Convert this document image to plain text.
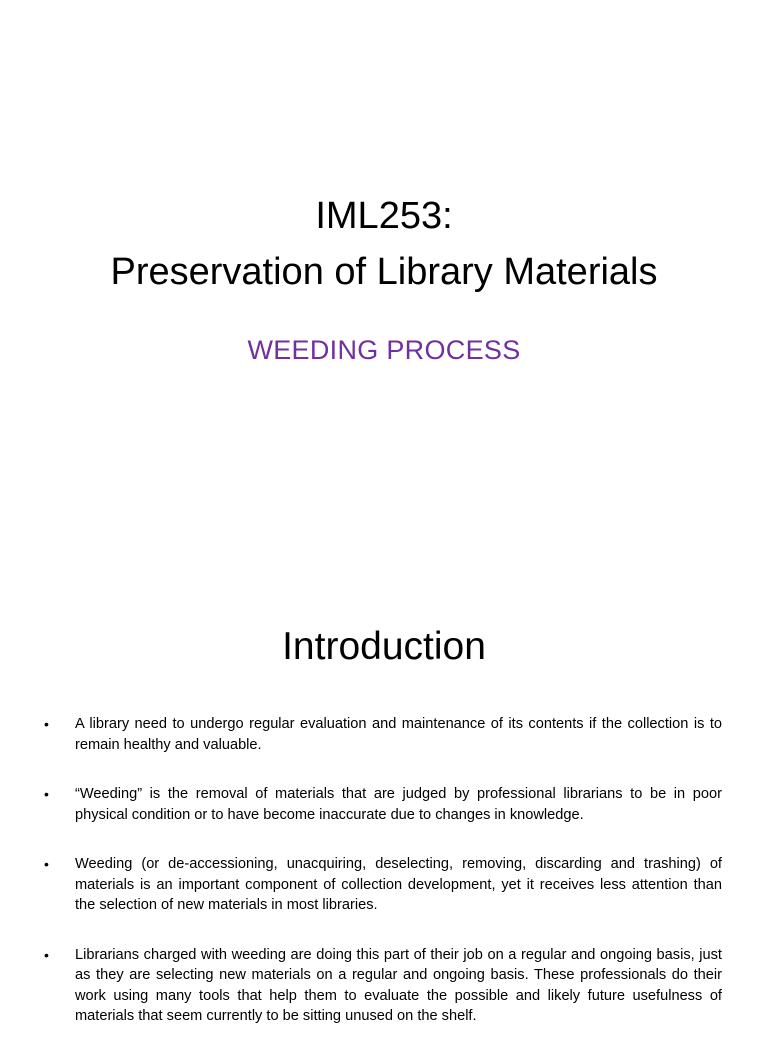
IML253:
Preservation of Library Materials
WEEDING PROCESS
Introduction
• A library need to undergo regular evaluation and maintenance of its contents if the collection is to remain healthy and valuable.
• “Weeding” is the removal of materials that are judged by professional librarians to be in poor physical condition or to have become inaccurate due to changes in knowledge.
• Weeding (or de-accessioning, unacquiring, deselecting, removing, discarding and trashing) of materials is an important component of collection development, yet it receives less attention than the selection of new materials in most libraries.
• Librarians charged with weeding are doing this part of their job on a regular and ongoing basis, just as they are selecting new materials on a regular and ongoing basis. These professionals do their work using many tools that help them to evaluate the possible and likely future usefulness of materials that seem currently to be sitting unused on the shelf.
